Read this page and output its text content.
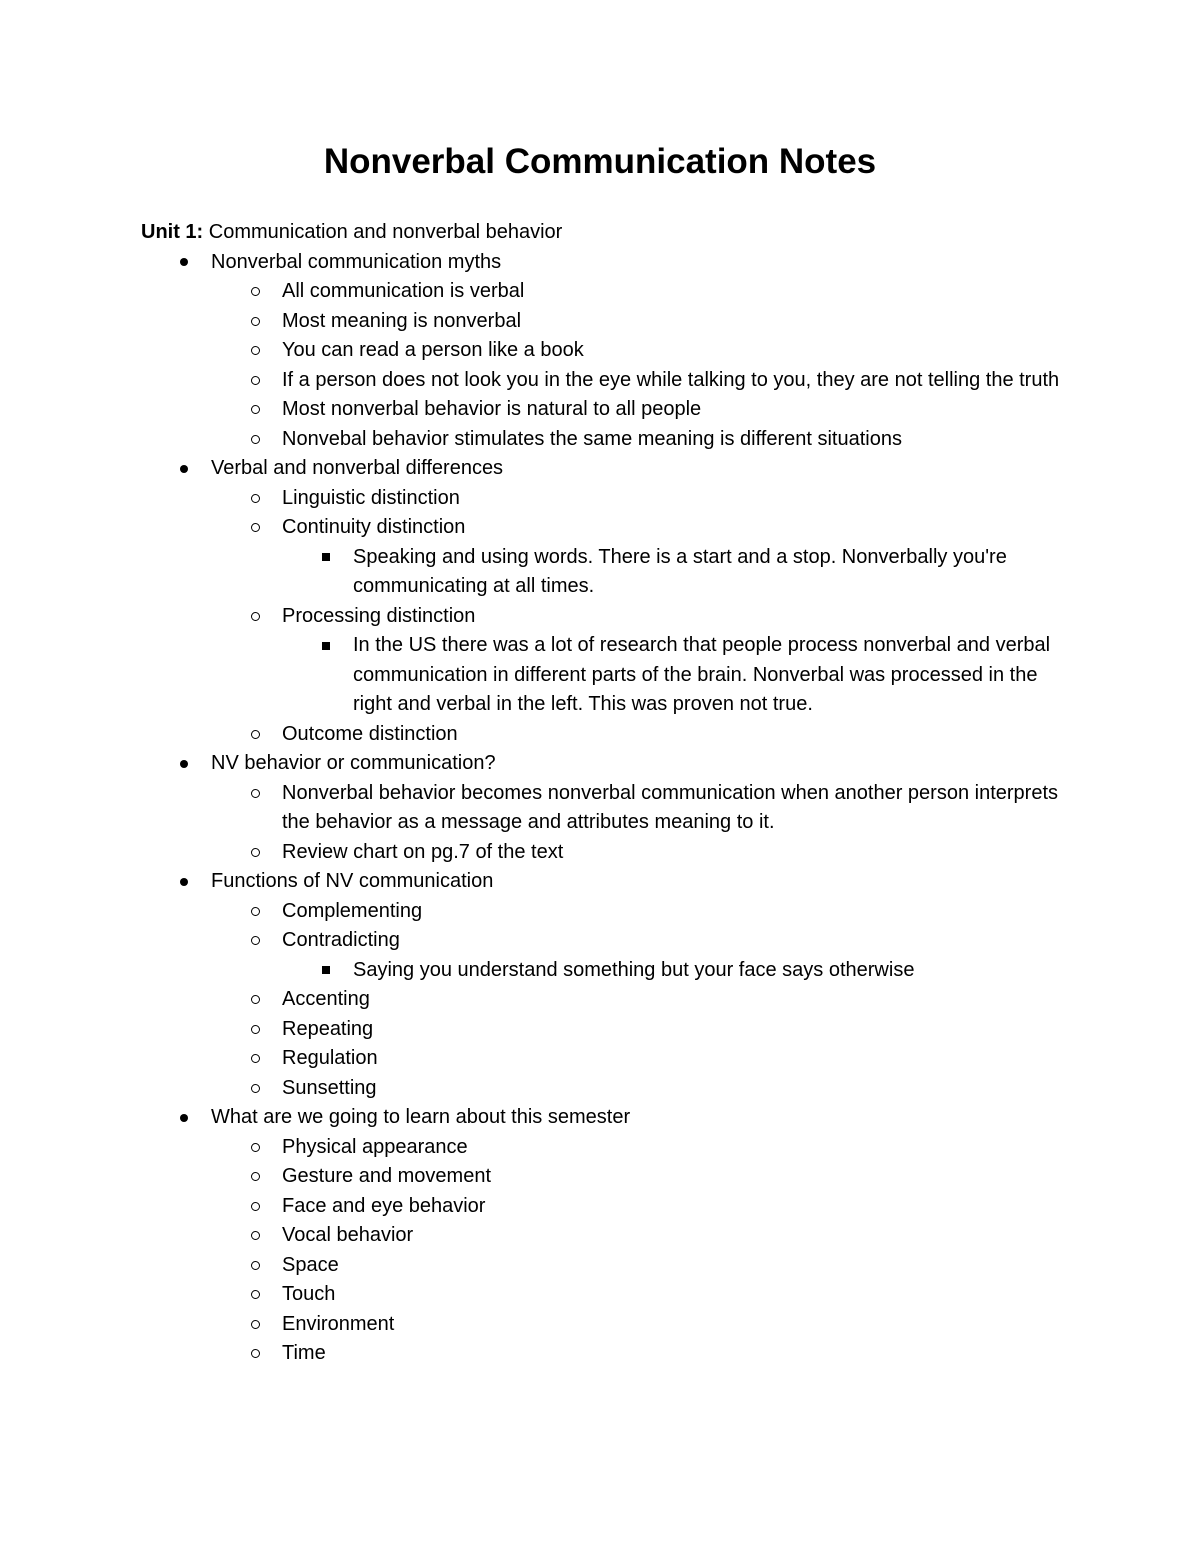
Nonverbal Communication Notes

Unit 1: Communication and nonverbal behavior

Nonverbal communication myths
All communication is verbal
Most meaning is nonverbal
You can read a person like a book
If a person does not look you in the eye while talking to you, they are not telling the truth
Most nonverbal behavior is natural to all people
Nonvebal behavior stimulates the same meaning is different situations
Verbal and nonverbal differences
Linguistic distinction
Continuity distinction
Speaking and using words. There is a start and a stop. Nonverbally you're communicating at all times.
Processing distinction
In the US there was a lot of research that people process nonverbal and verbal communication in different parts of the brain. Nonverbal was processed in the right and verbal in the left. This was proven not true.
Outcome distinction
NV behavior or communication?
Nonverbal behavior becomes nonverbal communication when another person interprets the behavior as a message and attributes meaning to it.
Review chart on pg.7 of the text
Functions of NV communication
Complementing
Contradicting
Saying you understand something but your face says otherwise
Accenting
Repeating
Regulation
Sunsetting
What are we going to learn about this semester
Physical appearance
Gesture and movement
Face and eye behavior
Vocal behavior
Space
Touch
Environment
Time
